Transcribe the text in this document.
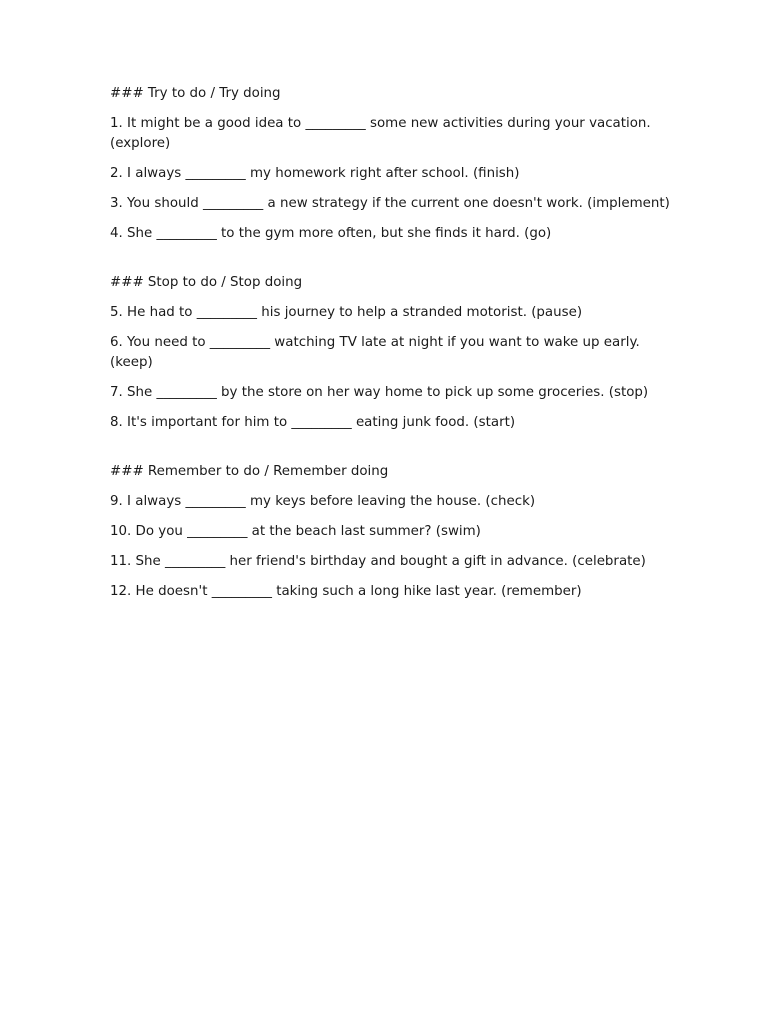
### Try to do / Try doing
1. It might be a good idea to _________ some new activities during your vacation. (explore)
2. I always _________ my homework right after school. (finish)
3. You should _________ a new strategy if the current one doesn't work. (implement)
4. She _________ to the gym more often, but she finds it hard. (go)
### Stop to do / Stop doing
5. He had to _________ his journey to help a stranded motorist. (pause)
6. You need to _________ watching TV late at night if you want to wake up early. (keep)
7. She _________ by the store on her way home to pick up some groceries. (stop)
8. It's important for him to _________ eating junk food. (start)
### Remember to do / Remember doing
9. I always _________ my keys before leaving the house. (check)
10. Do you _________ at the beach last summer? (swim)
11. She _________ her friend's birthday and bought a gift in advance. (celebrate)
12. He doesn't _________ taking such a long hike last year. (remember)
